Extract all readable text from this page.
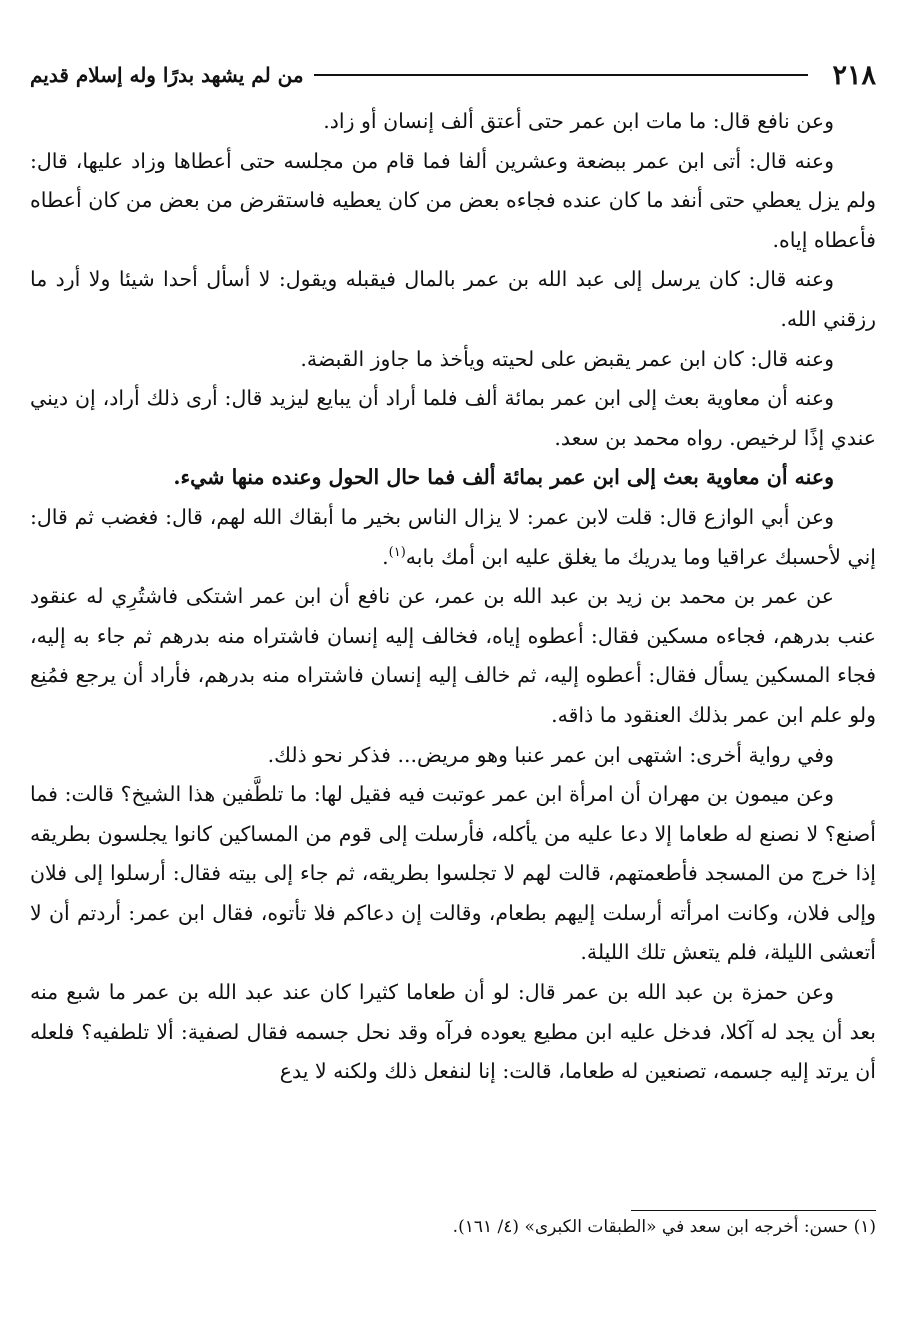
٢١٨
من لم يشهد بدرًا وله إسلام قديم

وعن نافع قال: ما مات ابن عمر حتى أعتق ألف إنسان أو زاد.

وعنه قال: أتى ابن عمر ببضعة وعشرين ألفا فما قام من مجلسه حتى أعطاها وزاد عليها، قال: ولم يزل يعطي حتى أنفد ما كان عنده فجاءه بعض من كان يعطيه فاستقرض من بعض من كان أعطاه فأعطاه إياه.

وعنه قال: كان يرسل إلى عبد الله بن عمر بالمال فيقبله ويقول: لا أسأل أحدا شيئا ولا أرد ما رزقني الله.

وعنه قال: كان ابن عمر يقبض على لحيته ويأخذ ما جاوز القبضة.

وعنه أن معاوية بعث إلى ابن عمر بمائة ألف فلما أراد أن يبايع ليزيد قال: أرى ذلك أراد، إن ديني عندي إذًا لرخيص. رواه محمد بن سعد.

وعنه أن معاوية بعث إلى ابن عمر بمائة ألف فما حال الحول وعنده منها شيء.

وعن أبي الوازع قال: قلت لابن عمر: لا يزال الناس بخير ما أبقاك الله لهم، قال: فغضب ثم قال: إني لأحسبك عراقيا وما يدريك ما يغلق عليه ابن أمك بابه$^{(١)}$.

عن عمر بن محمد بن زيد بن عبد الله بن عمر، عن نافع أن ابن عمر اشتكى فاشتُرِي له عنقود عنب بدرهم، فجاءه مسكين فقال: أعطوه إياه، فخالف إليه إنسان فاشتراه منه بدرهم ثم جاء به إليه، فجاء المسكين يسأل فقال: أعطوه إليه، ثم خالف إليه إنسان فاشتراه منه بدرهم، فأراد أن يرجع فمُنِع ولو علم ابن عمر بذلك العنقود ما ذاقه.

وفي رواية أخرى: اشتهى ابن عمر عنبا وهو مريض... فذكر نحو ذلك.

وعن ميمون بن مهران أن امرأة ابن عمر عوتبت فيه فقيل لها: ما تلطَّفين هذا الشيخ؟ قالت: فما أصنع؟ لا نصنع له طعاما إلا دعا عليه من يأكله، فأرسلت إلى قوم من المساكين كانوا يجلسون بطريقه إذا خرج من المسجد فأطعمتهم، قالت لهم لا تجلسوا بطريقه، ثم جاء إلى بيته فقال: أرسلوا إلى فلان وإلى فلان، وكانت امرأته أرسلت إليهم بطعام، وقالت إن دعاكم فلا تأتوه، فقال ابن عمر: أردتم أن لا أتعشى الليلة، فلم يتعش تلك الليلة.

وعن حمزة بن عبد الله بن عمر قال: لو أن طعاما كثيرا كان عند عبد الله بن عمر ما شبع منه بعد أن يجد له آكلا، فدخل عليه ابن مطيع يعوده فرآه وقد نحل جسمه فقال لصفية: ألا تلطفيه؟ فلعله أن يرتد إليه جسمه، تصنعين له طعاما، قالت: إنا لنفعل ذلك ولكنه لا يدع

(١) حسن: أخرجه ابن سعد في «الطبقات الكبرى» (٤/ ١٦١).
